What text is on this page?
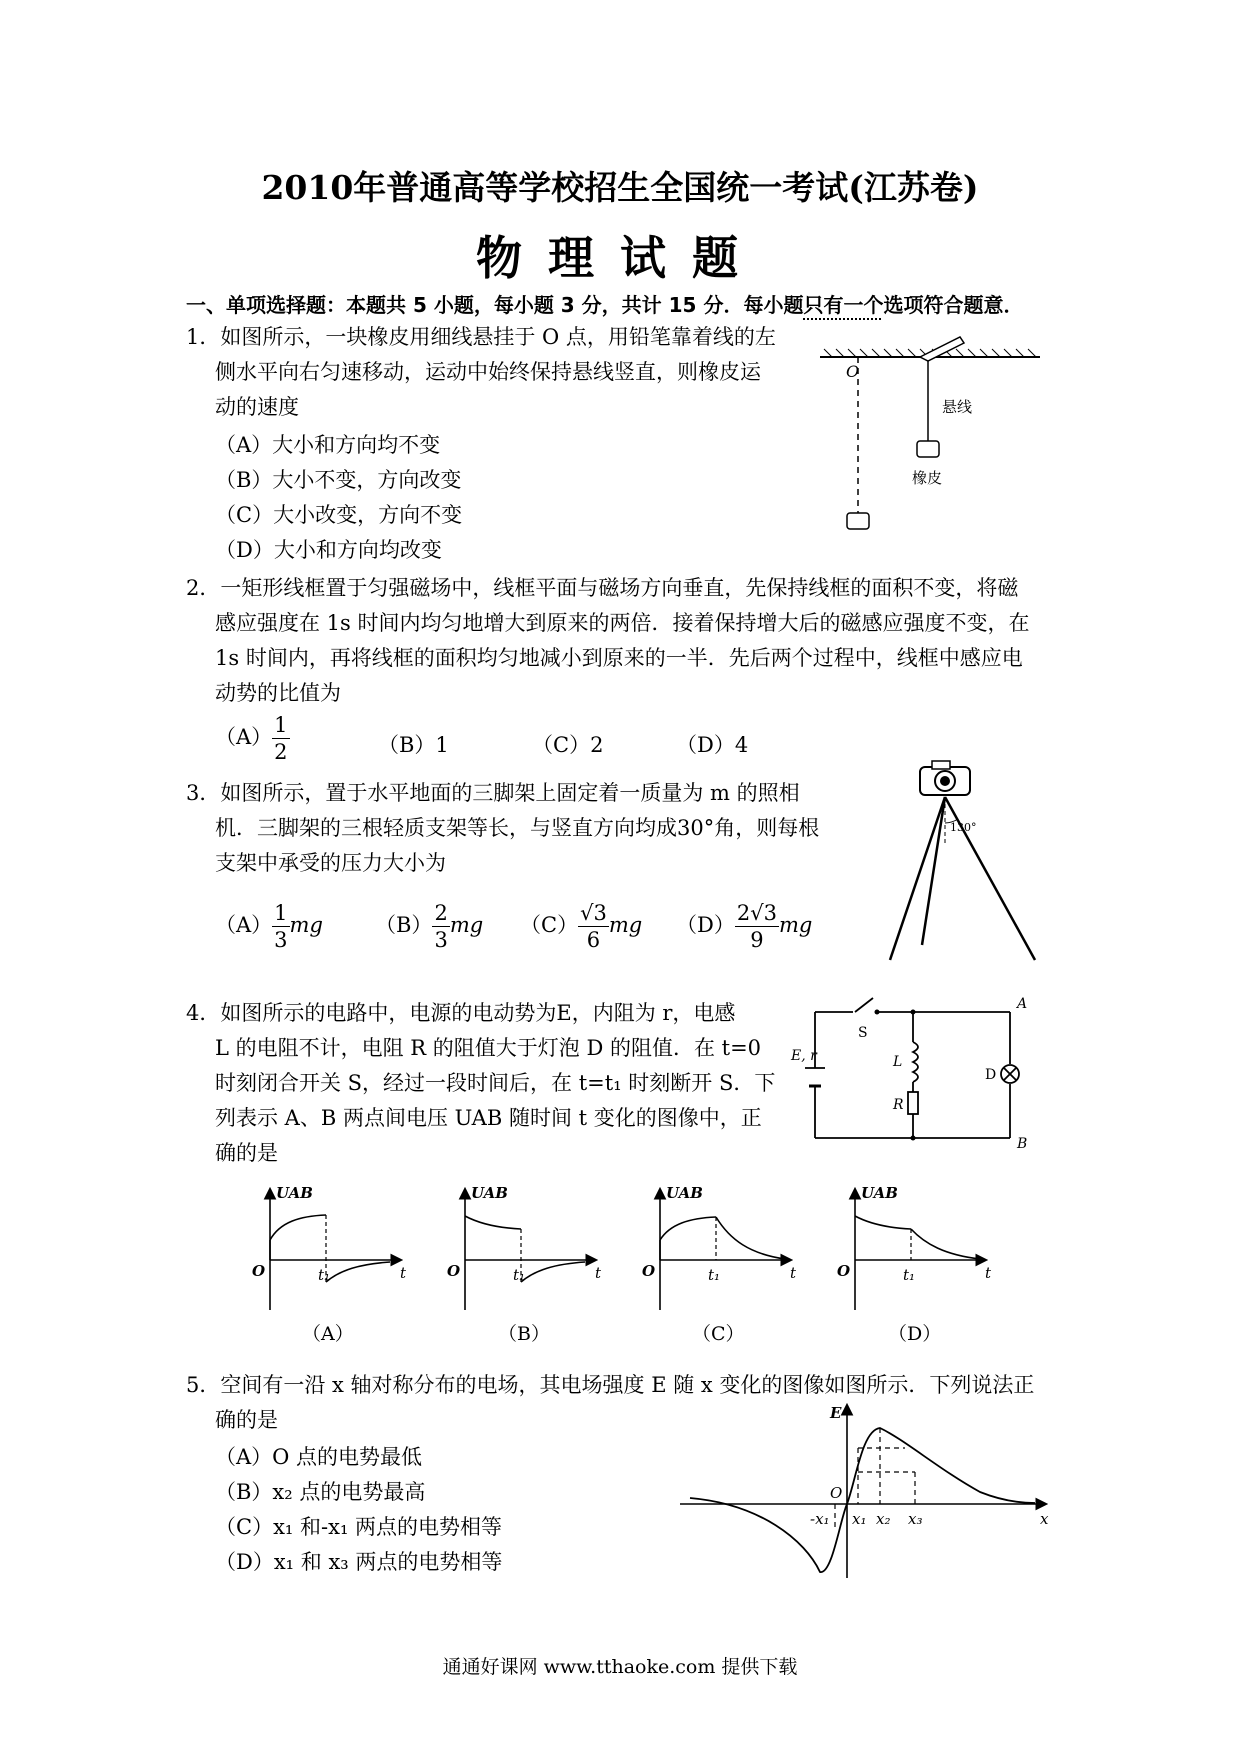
2010年普通高等学校招生全国统一考试(江苏卷)
物理试题
一、单项选择题：本题共 5 小题，每小题 3 分，共计 15 分．每小题只有一个选项符合题意．
1．如图所示，一块橡皮用细线悬挂于 O 点，用铅笔靠着线的左
侧水平向右匀速移动，运动中始终保持悬线竖直，则橡皮运
动的速度
（A）大小和方向均不变
（B）大小不变，方向改变
（C）大小改变，方向不变
（D）大小和方向均改变
O
悬线
橡皮
2．一矩形线框置于匀强磁场中，线框平面与磁场方向垂直，先保持线框的面积不变，将磁
感应强度在 1s 时间内均匀地增大到原来的两倍．接着保持增大后的磁感应强度不变，在
1s 时间内，再将线框的面积均匀地减小到原来的一半．先后两个过程中，线框中感应电
动势的比值为
$(A) \frac{1}{2}$	（B）1	（C）2	（D）4
3．如图所示，置于水平地面的三脚架上固定着一质量为 m 的照相
机．三脚架的三根轻质支架等长，与竖直方向均成30°角，则每根
支架中承受的压力大小为
$(A) \frac{1}{3}$ mg $(B) \frac{2}{3}$ mg $(C) \frac{√3}{6}$ mg $(D) \frac{2√3}{9}$ mg
130°
4．如图所示的电路中，电源的电动势为E，内阻为 r，电感
L 的电阻不计，电阻 R 的阻值大于灯泡 D 的阻值．在 t=0
时刻闭合开关 S，经过一段时间后，在 t=t₁ 时刻断开 S．下
列表示 A、B 两点间电压 UAB 随时间 t 变化的图像中，正
确的是
S
E, r	L
R
D
A
B
UAB
O	t₁	t
（A）
UAB
O	t₁	t
（B）
UAB
O	t₁	t
（C）
UAB
O	t₁	t
（D）
5．空间有一沿 x 轴对称分布的电场，其电场强度 E 随 x 变化的图像如图所示．下列说法正
确的是
（A）O 点的电势最低
（B）x₂ 点的电势最高
（C）x₁ 和-x₁ 两点的电势相等
（D）x₁ 和 x₃ 两点的电势相等
E
O
x
-x₁ x₁ x₂ x₃
通通好课网 www.tthaoke.com 提供下载
